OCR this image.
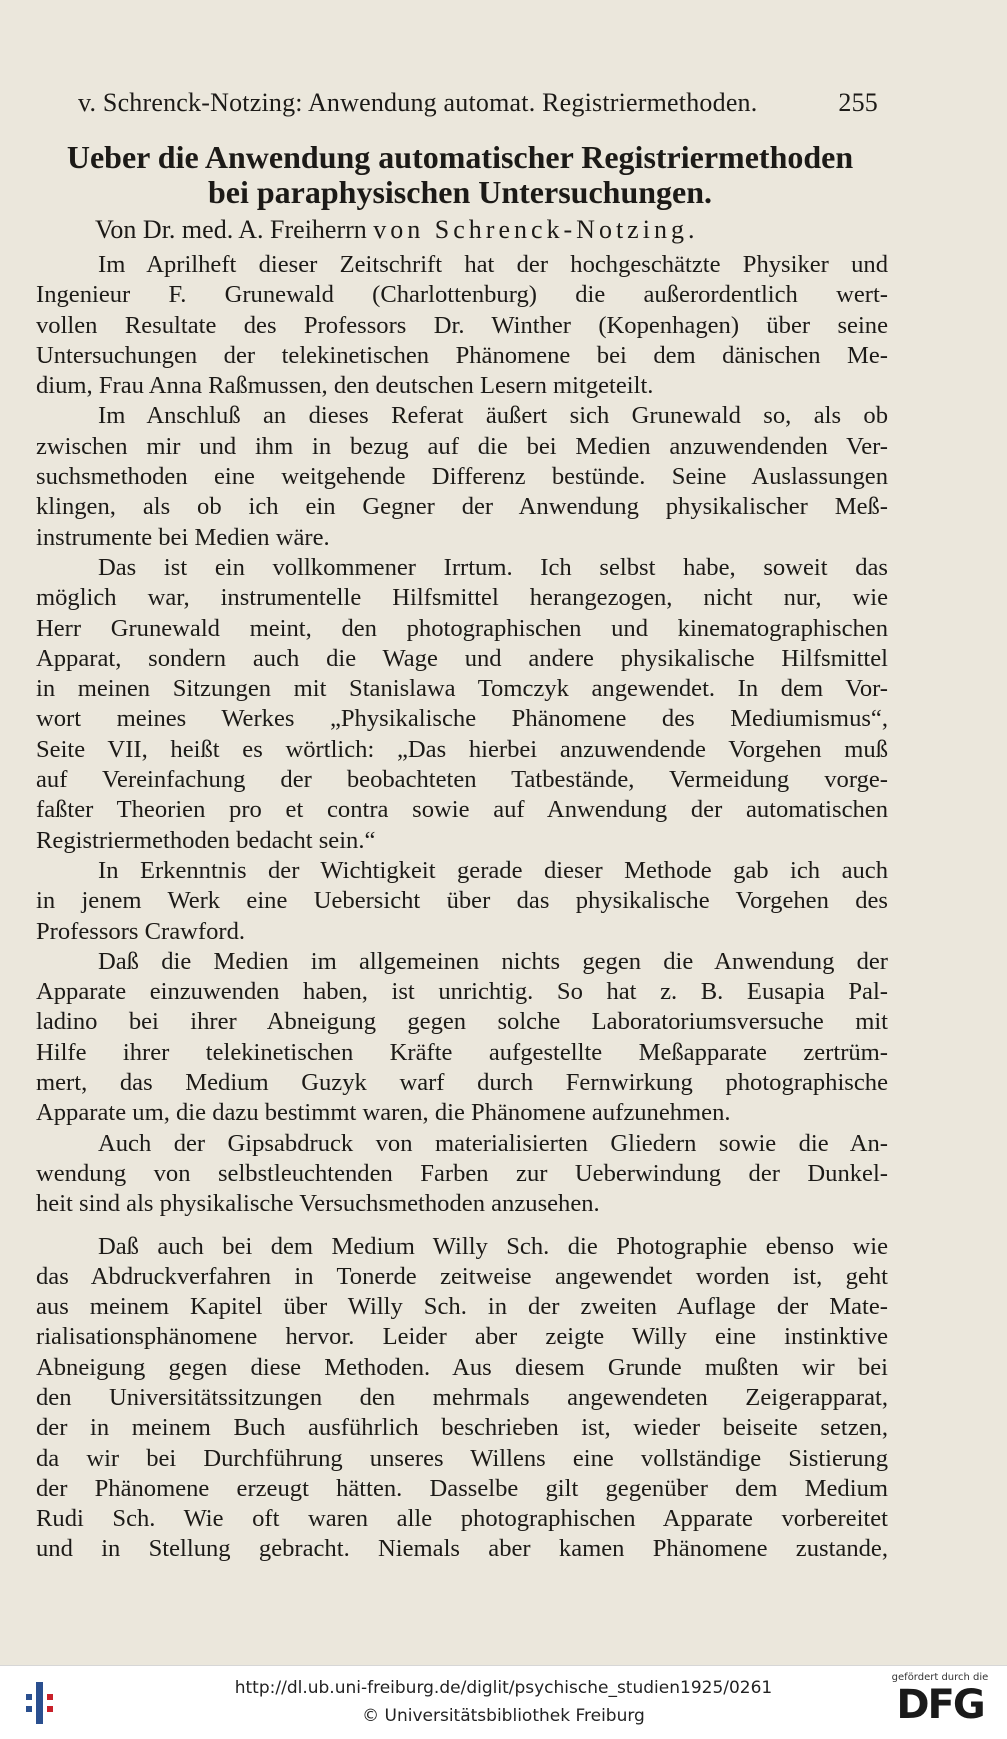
v. Schrenck-Notzing: Anwendung automat. Registriermethoden.	255
Ueber die Anwendung automatischer Registriermethoden
bei paraphysischen Untersuchungen.
Von Dr. med. A. Freiherrn von Schrenck-Notzing.

Im Aprilheft dieser Zeitschrift hat der hochgeschätzte Physiker und
Ingenieur F. Grunewald (Charlottenburg) die außerordentlich wert-
vollen Resultate des Professors Dr. Winther (Kopenhagen) über seine
Untersuchungen der telekinetischen Phänomene bei dem dänischen Me-
dium, Frau Anna Raßmussen, den deutschen Lesern mitgeteilt.

Im Anschluß an dieses Referat äußert sich Grunewald so, als ob
zwischen mir und ihm in bezug auf die bei Medien anzuwendenden Ver-
suchsmethoden eine weitgehende Differenz bestünde. Seine Auslassungen
klingen, als ob ich ein Gegner der Anwendung physikalischer Meß-
instrumente bei Medien wäre.

Das ist ein vollkommener Irrtum. Ich selbst habe, soweit das
möglich war, instrumentelle Hilfsmittel herangezogen, nicht nur, wie
Herr Grunewald meint, den photographischen und kinematographischen
Apparat, sondern auch die Wage und andere physikalische Hilfsmittel
in meinen Sitzungen mit Stanislawa Tomczyk angewendet. In dem Vor-
wort meines Werkes „Physikalische Phänomene des Mediumismus“,
Seite VII, heißt es wörtlich: „Das hierbei anzuwendende Vorgehen muß
auf Vereinfachung der beobachteten Tatbestände, Vermeidung vorge-
faßter Theorien pro et contra sowie auf Anwendung der automatischen
Registriermethoden bedacht sein.“

In Erkenntnis der Wichtigkeit gerade dieser Methode gab ich auch
in jenem Werk eine Uebersicht über das physikalische Vorgehen des
Professors Crawford.

Daß die Medien im allgemeinen nichts gegen die Anwendung der
Apparate einzuwenden haben, ist unrichtig. So hat z. B. Eusapia Pal-
ladino bei ihrer Abneigung gegen solche Laboratoriumsversuche mit
Hilfe ihrer telekinetischen Kräfte aufgestellte Meßapparate zertrüm-
mert, das Medium Guzyk warf durch Fernwirkung photographische
Apparate um, die dazu bestimmt waren, die Phänomene aufzunehmen.

Auch der Gipsabdruck von materialisierten Gliedern sowie die An-
wendung von selbstleuchtenden Farben zur Ueberwindung der Dunkel-
heit sind als physikalische Versuchsmethoden anzusehen.

Daß auch bei dem Medium Willy Sch. die Photographie ebenso wie
das Abdruckverfahren in Tonerde zeitweise angewendet worden ist, geht
aus meinem Kapitel über Willy Sch. in der zweiten Auflage der Mate-
rialisationsphänomene hervor. Leider aber zeigte Willy eine instinktive
Abneigung gegen diese Methoden. Aus diesem Grunde mußten wir bei
den Universitätssitzungen den mehrmals angewendeten Zeigerapparat,
der in meinem Buch ausführlich beschrieben ist, wieder beiseite setzen,
da wir bei Durchführung unseres Willens eine vollständige Sistierung
der Phänomene erzeugt hätten. Dasselbe gilt gegenüber dem Medium
Rudi Sch. Wie oft waren alle photographischen Apparate vorbereitet
und in Stellung gebracht. Niemals aber kamen Phänomene zustande,

http://dl.ub.uni-freiburg.de/diglit/psychische_studien1925/0261
© Universitätsbibliothek Freiburg
gefördert durch die
DFG
